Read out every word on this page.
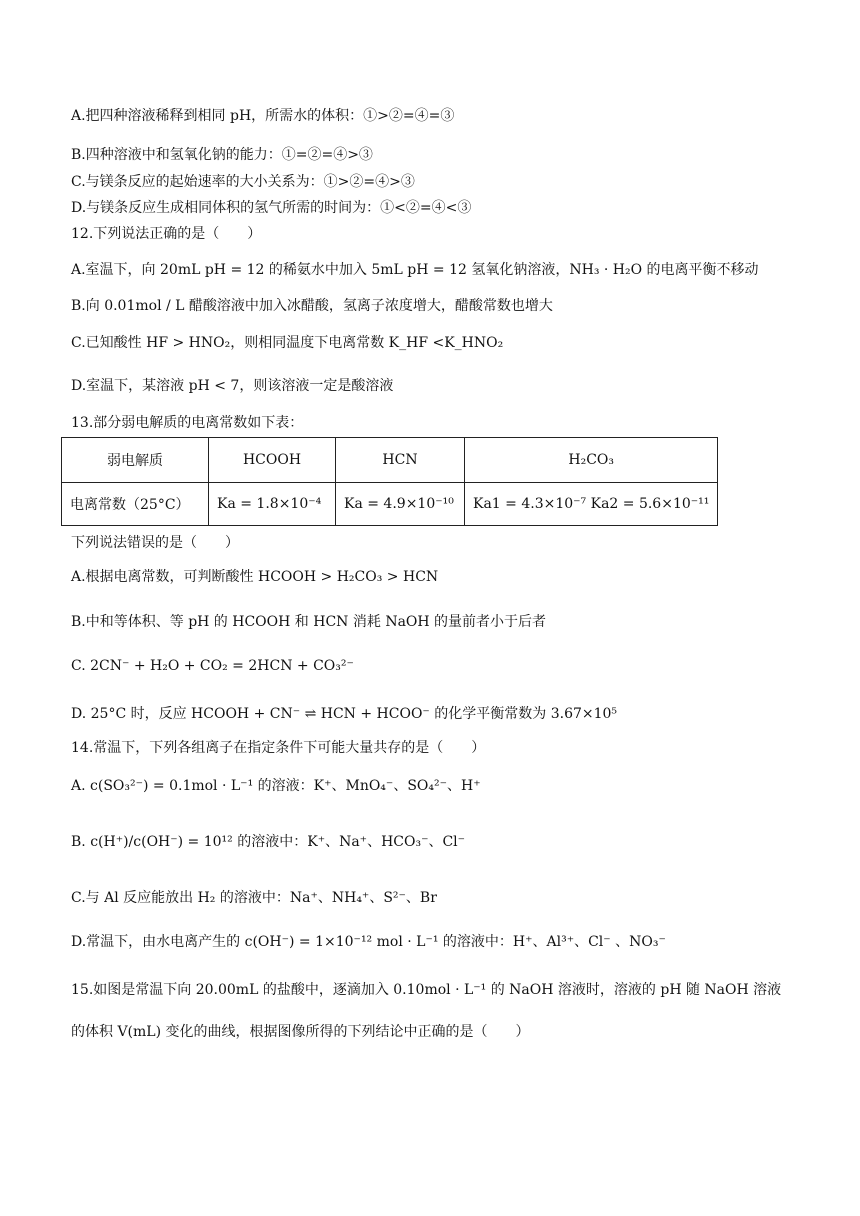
A.把四种溶液稀释到相同 pH，所需水的体积：①>②=④=③
B.四种溶液中和氢氧化钠的能力：①=②=④>③
C.与镁条反应的起始速率的大小关系为：①>②=④>③
D.与镁条反应生成相同体积的氢气所需的时间为：①<②=④<③
12.下列说法正确的是（　　）
A.室温下，向 20mL pH = 12 的稀氨水中加入 5mL pH = 12 氢氧化钠溶液，NH₃ · H₂O 的电离平衡不移动
B.向 0.01mol / L 醋酸溶液中加入冰醋酸，氢离子浓度增大，醋酸常数也增大
C.已知酸性 HF > HNO₂，则相同温度下电离常数 K_HF <K_HNO₂
D.室温下，某溶液 pH < 7，则该溶液一定是酸溶液
13.部分弱电解质的电离常数如下表：
弱电解质	HCOOH	HCN	H₂CO₃
电离常数（25°C）	Ka = 1.8×10⁻⁴	Ka = 4.9×10⁻¹⁰	Ka1 = 4.3×10⁻⁷ Ka2 = 5.6×10⁻¹¹
下列说法错误的是（　　）
A.根据电离常数，可判断酸性 HCOOH > H₂CO₃ > HCN
B.中和等体积、等 pH 的 HCOOH 和 HCN 消耗 NaOH 的量前者小于后者
C. 2CN⁻ + H₂O + CO₂ = 2HCN + CO₃²⁻
D. 25°C 时，反应 HCOOH + CN⁻ ⇌ HCN + HCOO⁻ 的化学平衡常数为 3.67×10⁵
14.常温下，下列各组离子在指定条件下可能大量共存的是（　　）
A. c(SO₃²⁻) = 0.1mol · L⁻¹ 的溶液：K⁺、MnO₄⁻、SO₄²⁻、H⁺
B. c(H⁺)/c(OH⁻) = 10¹² 的溶液中：K⁺、Na⁺、HCO₃⁻、Cl⁻
C.与 Al 反应能放出 H₂ 的溶液中：Na⁺、NH₄⁺、S²⁻、Br
D.常温下，由水电离产生的 c(OH⁻) = 1×10⁻¹² mol · L⁻¹ 的溶液中：H⁺、Al³⁺、Cl⁻ 、NO₃⁻
15.如图是常温下向 20.00mL 的盐酸中，逐滴加入 0.10mol · L⁻¹ 的 NaOH 溶液时，溶液的 pH 随 NaOH 溶液
的体积 V(mL) 变化的曲线，根据图像所得的下列结论中正确的是（　　）
